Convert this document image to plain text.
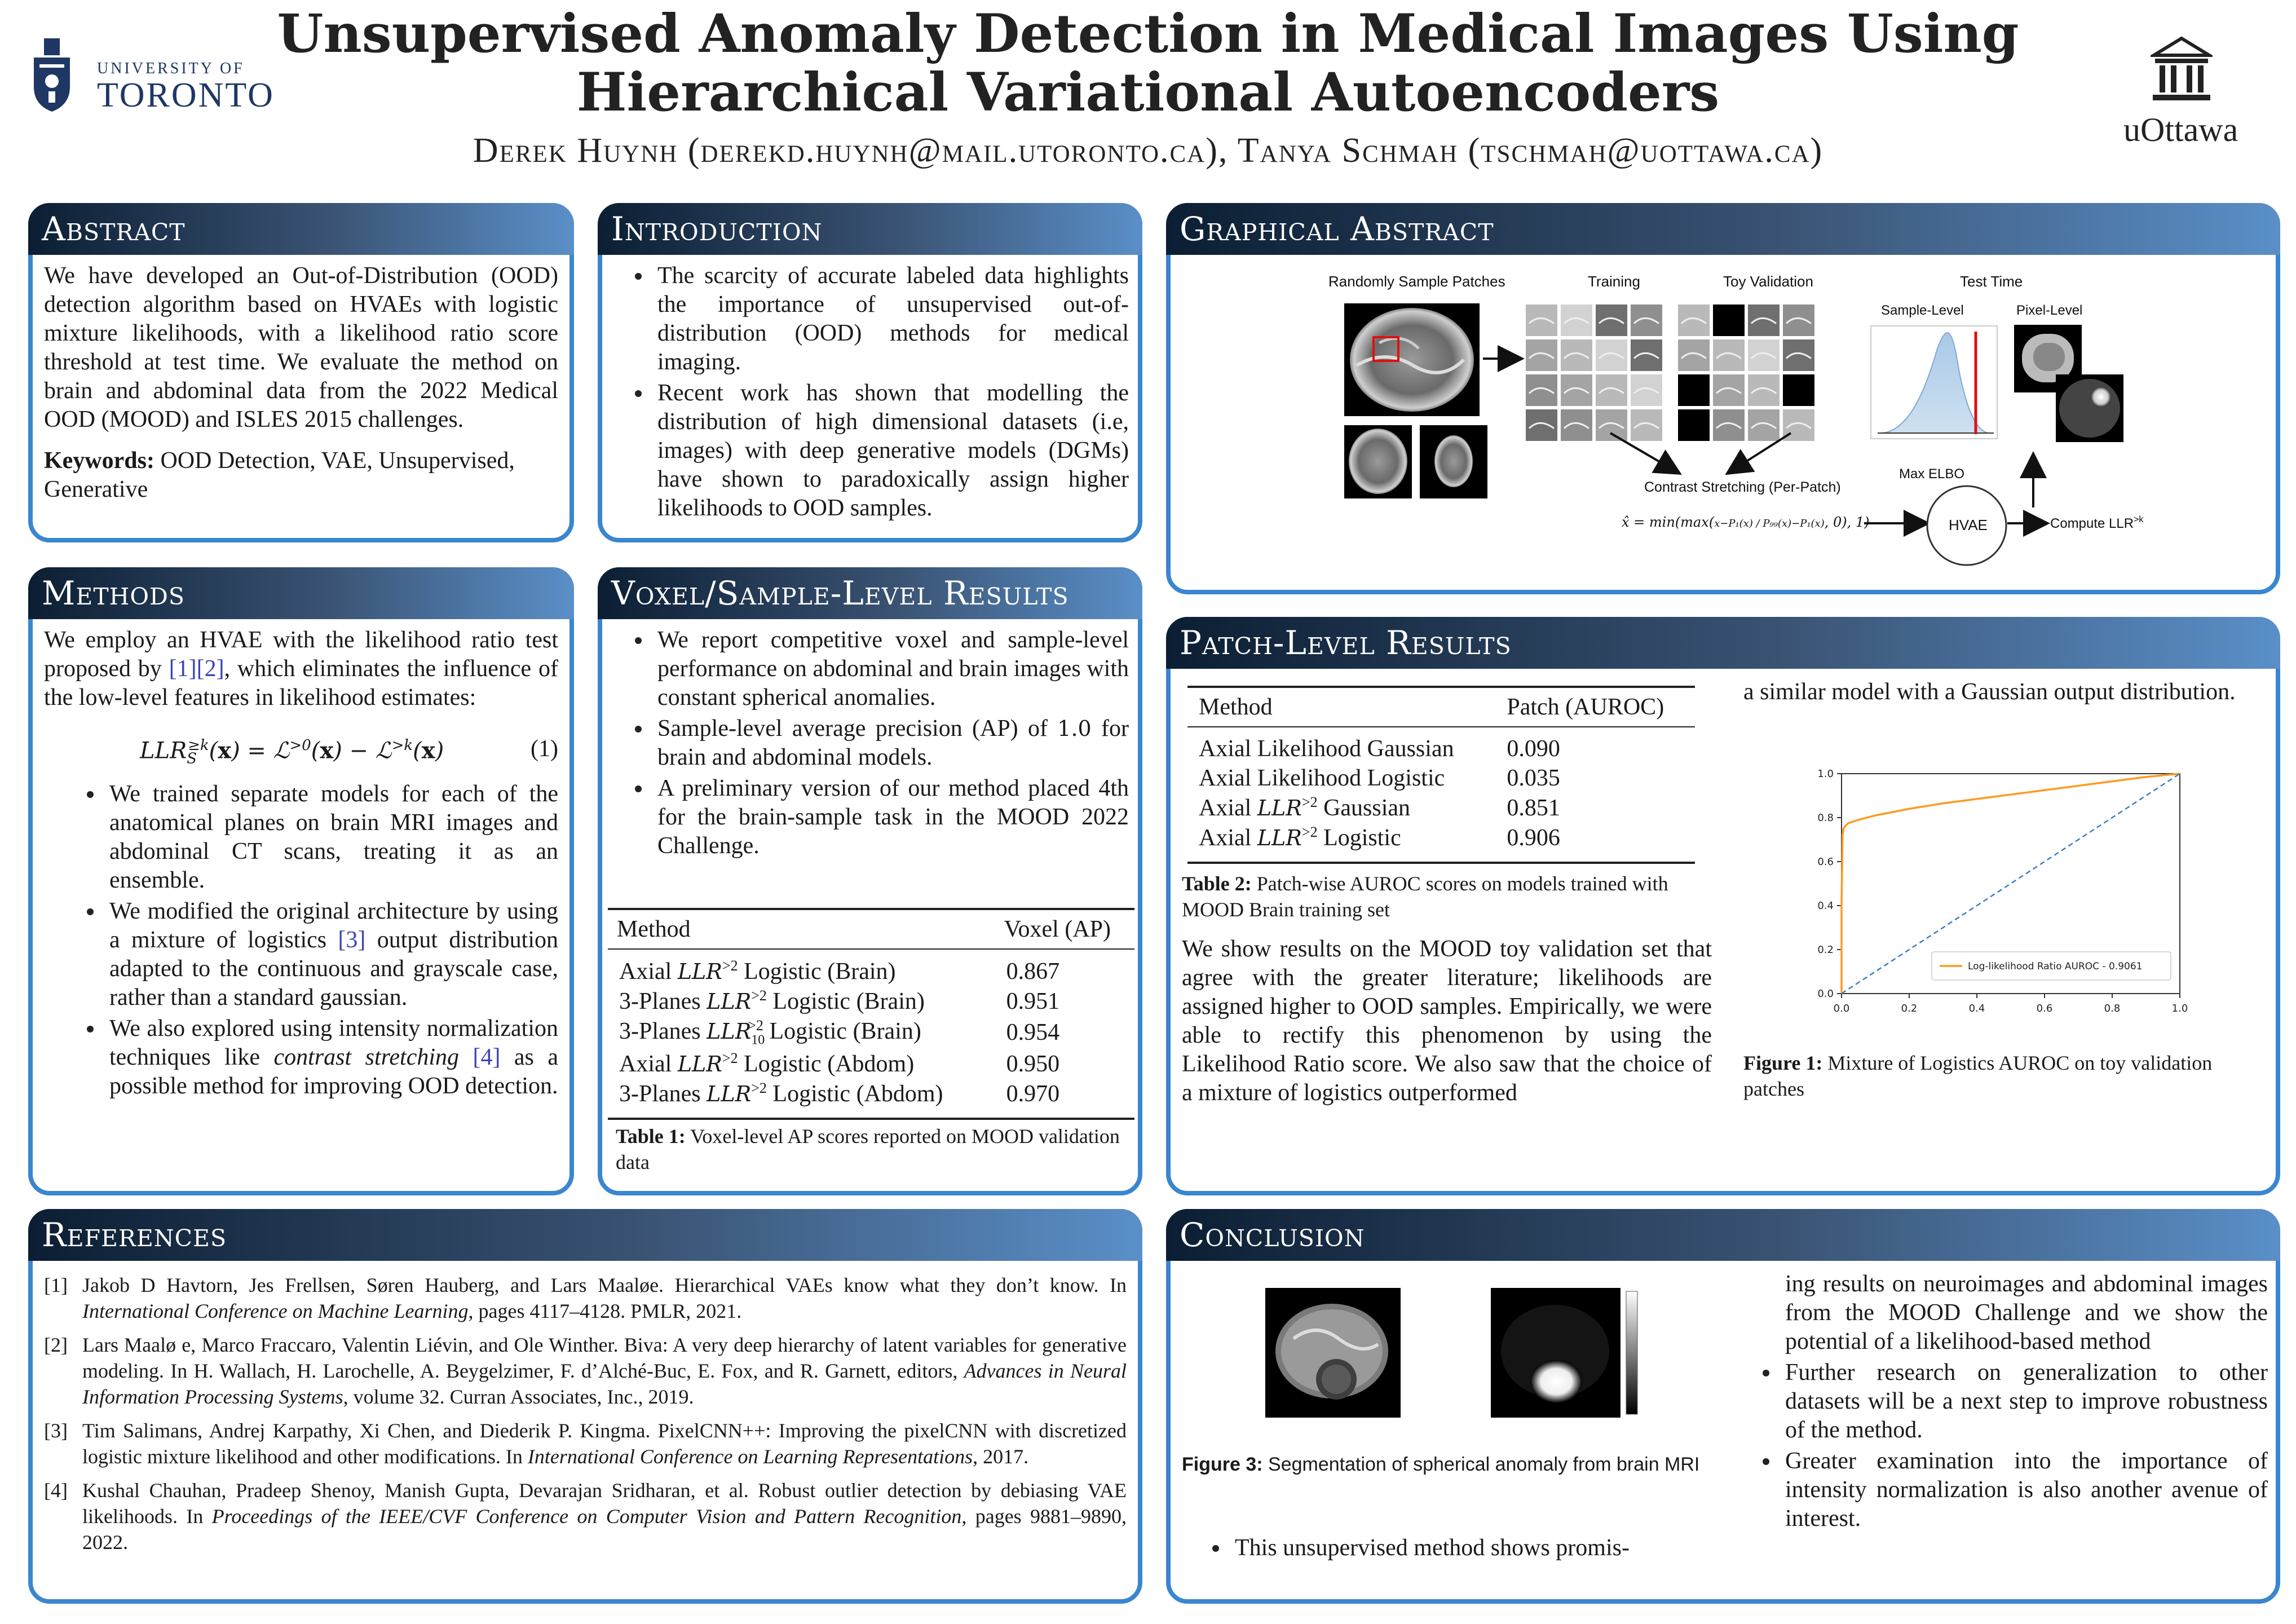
Unsupervised Anomaly Detection in Medical Images Using
Hierarchical Variational Autoencoders
Derek Huynh (derekd.huynh@mail.utoronto.ca), Tanya Schmah (tschmah@uottawa.ca)
UNIVERSITY OF
TORONTO
uOttawa
Abstract

We have developed an Out-of-Distribution (OOD) detection algorithm based on HVAEs with logistic mixture likelihoods, with a likelihood ratio score threshold at test time. We evaluate the method on brain and abdominal data from the 2022 Medical OOD (MOOD) and ISLES 2015 challenges.

Keywords: OOD Detection, VAE, Unsupervised, Generative

Introduction
The scarcity of accurate labeled data highlights the importance of unsupervised out-of-distribution (OOD) methods for medical imaging.
Recent work has shown that modelling the distribution of high dimensional datasets (i.e, images) with deep generative models (DGMs) have shown to paradoxically assign higher likelihoods to OOD samples.
Graphical Abstract
Randomly Sample Patches	Training	Toy Validation	Test Time
Sample-Level	Pixel-Level
Contrast Stretching (Per-Patch)
x̂ = min(max(x−P₁(x) / P₉₉(x)−P₁(x), 0), 1)
Max ELBO
HVAE	Compute $LLR^{>k}$
Methods

We employ an HVAE with the likelihood ratio test proposed by [1][2], which eliminates the influence of the low-level features in likelihood estimates:

$LLR_S^{\ge k}(x)$ = ℒ$^{>0}$(x) − ℒ$^{>k}$(x)	(1)
We trained separate models for each of the anatomical planes on brain MRI images and abdominal CT scans, treating it as an ensemble.
We modified the original architecture by using a mixture of logistics [3] output distribution adapted to the continuous and grayscale case, rather than a standard gaussian.
We also explored using intensity normalization techniques like contrast stretching [4] as a possible method for improving OOD detection.
Voxel/Sample-Level Results
We report competitive voxel and sample-level performance on abdominal and brain images with constant spherical anomalies.
Sample-level average precision (AP) of 1.0 for brain and abdominal models.
A preliminary version of our method placed 4th for the brain-sample task in the MOOD 2022 Challenge.
Method	Voxel (AP)
Axial $LLR^{>2}$ Logistic (Brain)	0.867
3-Planes $LLR^{>2}$ Logistic (Brain)	0.951
3-Planes $LLR_{10}^{>2}$ Logistic (Brain)	0.954
Axial $LLR^{>2}$ Logistic (Abdom)	0.950
3-Planes $LLR^{>2}$ Logistic (Abdom)	0.970
Table 1: Voxel-level AP scores reported on MOOD validation data
Patch-Level Results
Method	Patch (AUROC)
Axial Likelihood Gaussian	0.090
Axial Likelihood Logistic	0.035
Axial $LLR^{>2}$ Gaussian	0.851
Axial $LLR^{>2}$ Logistic	0.906
Table 2: Patch-wise AUROC scores on models trained with MOOD Brain training set
We show results on the MOOD toy validation set that agree with the greater literature; likelihoods are assigned higher to OOD samples. Empirically, we were able to rectify this phenomenon by using the Likelihood Ratio score. We also saw that the choice of a mixture of logistics outperformed
a similar model with a Gaussian output distribution.
0.0	0.2	0.4	0.6	0.8	1.0
0.0
0.2
0.4
0.6
0.8
1.0
Log-likelihood Ratio AUROC - 0.9061
Figure 1: Mixture of Logistics AUROC on toy validation patches
References
[1] Jakob D Havtorn, Jes Frellsen, Søren Hauberg, and Lars Maaløe. Hierarchical VAEs know what they don’t know. In International Conference on Machine Learning, pages 4117–4128. PMLR, 2021.
[2] Lars Maalø e, Marco Fraccaro, Valentin Liévin, and Ole Winther. Biva: A very deep hierarchy of latent variables for generative modeling. In H. Wallach, H. Larochelle, A. Beygelzimer, F. d’Alché-Buc, E. Fox, and R. Garnett, editors, Advances in Neural Information Processing Systems, volume 32. Curran Associates, Inc., 2019.
[3] Tim Salimans, Andrej Karpathy, Xi Chen, and Diederik P. Kingma. PixelCNN++: Improving the pixelCNN with discretized logistic mixture likelihood and other modifications. In International Conference on Learning Representations, 2017.
[4] Kushal Chauhan, Pradeep Shenoy, Manish Gupta, Devarajan Sridharan, et al. Robust outlier detection by debiasing VAE likelihoods. In Proceedings of the IEEE/CVF Conference on Computer Vision and Pattern Recognition, pages 9881–9890, 2022.
Conclusion
Figure 3: Segmentation of spherical anomaly from brain MRI
This unsupervised method shows promis-
ing results on neuroimages and abdominal images from the MOOD Challenge and we show the potential of a likelihood-based method
Further research on generalization to other datasets will be a next step to improve robustness of the method.
Greater examination into the importance of intensity normalization is also another avenue of interest.
